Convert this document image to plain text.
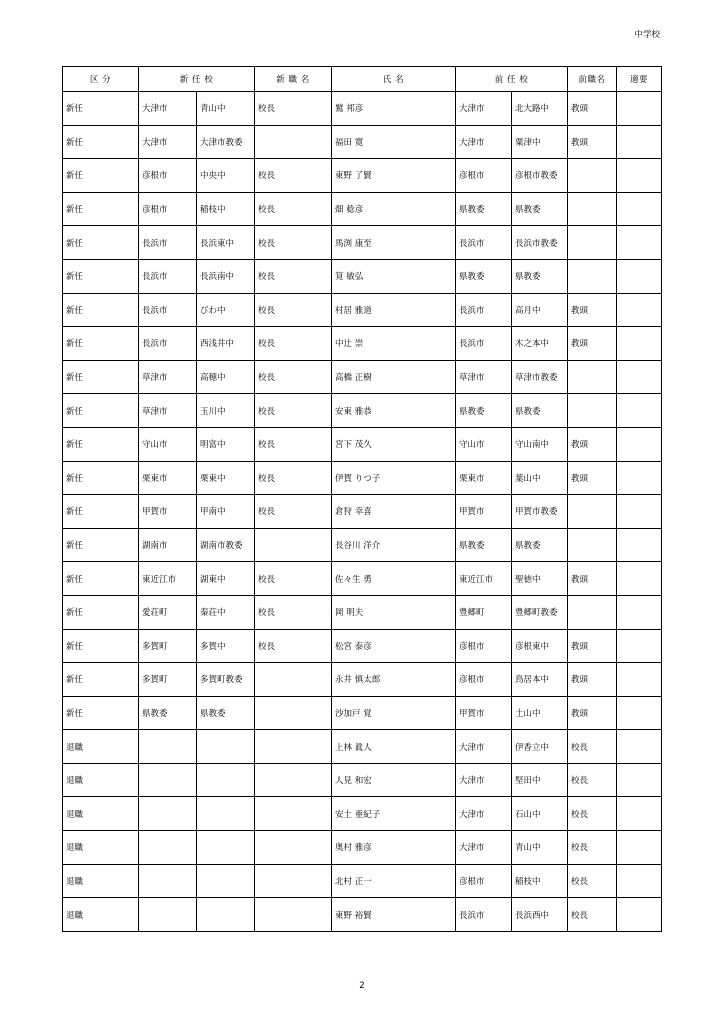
中学校
区 分	新 任 校		新 職 名	氏 名	前 任 校		前職名	適要
新任	大津市	青山中	校長	鷲 邦彦	大津市	北大路中	教頭	
新任	大津市	大津市教委		福田 寛	大津市	粟津中	教頭	
新任	彦根市	中央中	校長	東野 了賢	彦根市	彦根市教委		
新任	彦根市	稲枝中	校長	畑 稔彦	県教委	県教委		
新任	長浜市	長浜東中	校長	馬渕 康至	長浜市	長浜市教委		
新任	長浜市	長浜南中	校長	筧 敏弘	県教委	県教委		
新任	長浜市	びわ中	校長	村居 雅道	長浜市	高月中	教頭	
新任	長浜市	西浅井中	校長	中辻 崇	長浜市	木之本中	教頭	
新任	草津市	高穂中	校長	高橋 正樹	草津市	草津市教委		
新任	草津市	玉川中	校長	安東 雅恭	県教委	県教委		
新任	守山市	明富中	校長	宮下 茂久	守山市	守山南中	教頭	
新任	栗東市	栗東中	校長	伊賀 りつ子	栗東市	葉山中	教頭	
新任	甲賀市	甲南中	校長	倉狩 幸喜	甲賀市	甲賀市教委		
新任	湖南市	湖南市教委		長谷川 洋介	県教委	県教委		
新任	東近江市	湖東中	校長	佐々生 勇	東近江市	聖徳中	教頭	
新任	愛荘町	秦荘中	校長	岡 明夫	豊郷町	豊郷町教委		
新任	多賀町	多賀中	校長	松宮 泰彦	彦根市	彦根東中	教頭	
新任	多賀町	多賀町教委		永井 慎太郎	彦根市	鳥居本中	教頭	
新任	県教委	県教委		沙加戸 覚	甲賀市	土山中	教頭	
退職				上林 眞人	大津市	伊香立中	校長	
退職				人見 和宏	大津市	堅田中	校長	
退職				安土 亜紀子	大津市	石山中	校長	
退職				奥村 雅彦	大津市	青山中	校長	
退職				北村 正一	彦根市	稲枝中	校長	
退職				東野 裕賢	長浜市	長浜西中	校長	
2
